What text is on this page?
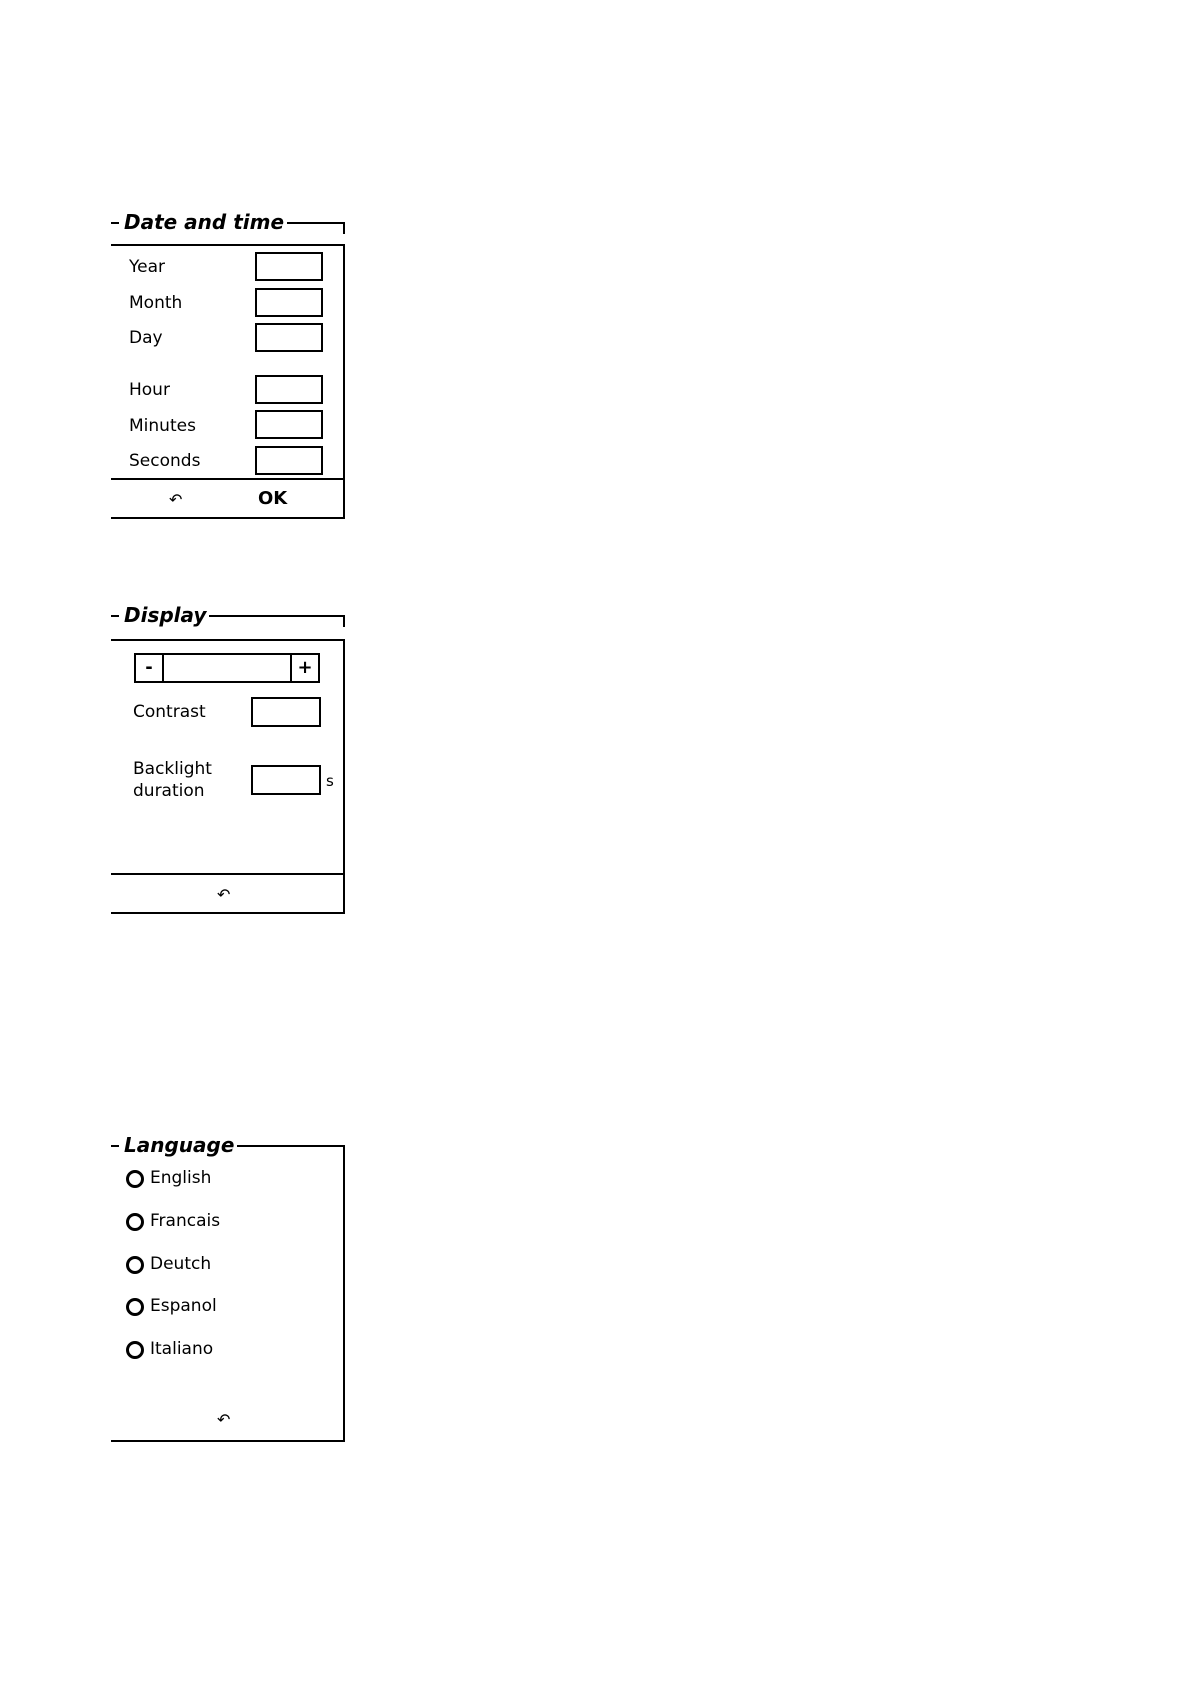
Date and time
Year
Month
Day
Hour
Minutes
Seconds
↶	OK
Display
-	+
Contrast
Backlight
duration	s
↶
Language
English
Francais
Deutch
Espanol
Italiano
↶
